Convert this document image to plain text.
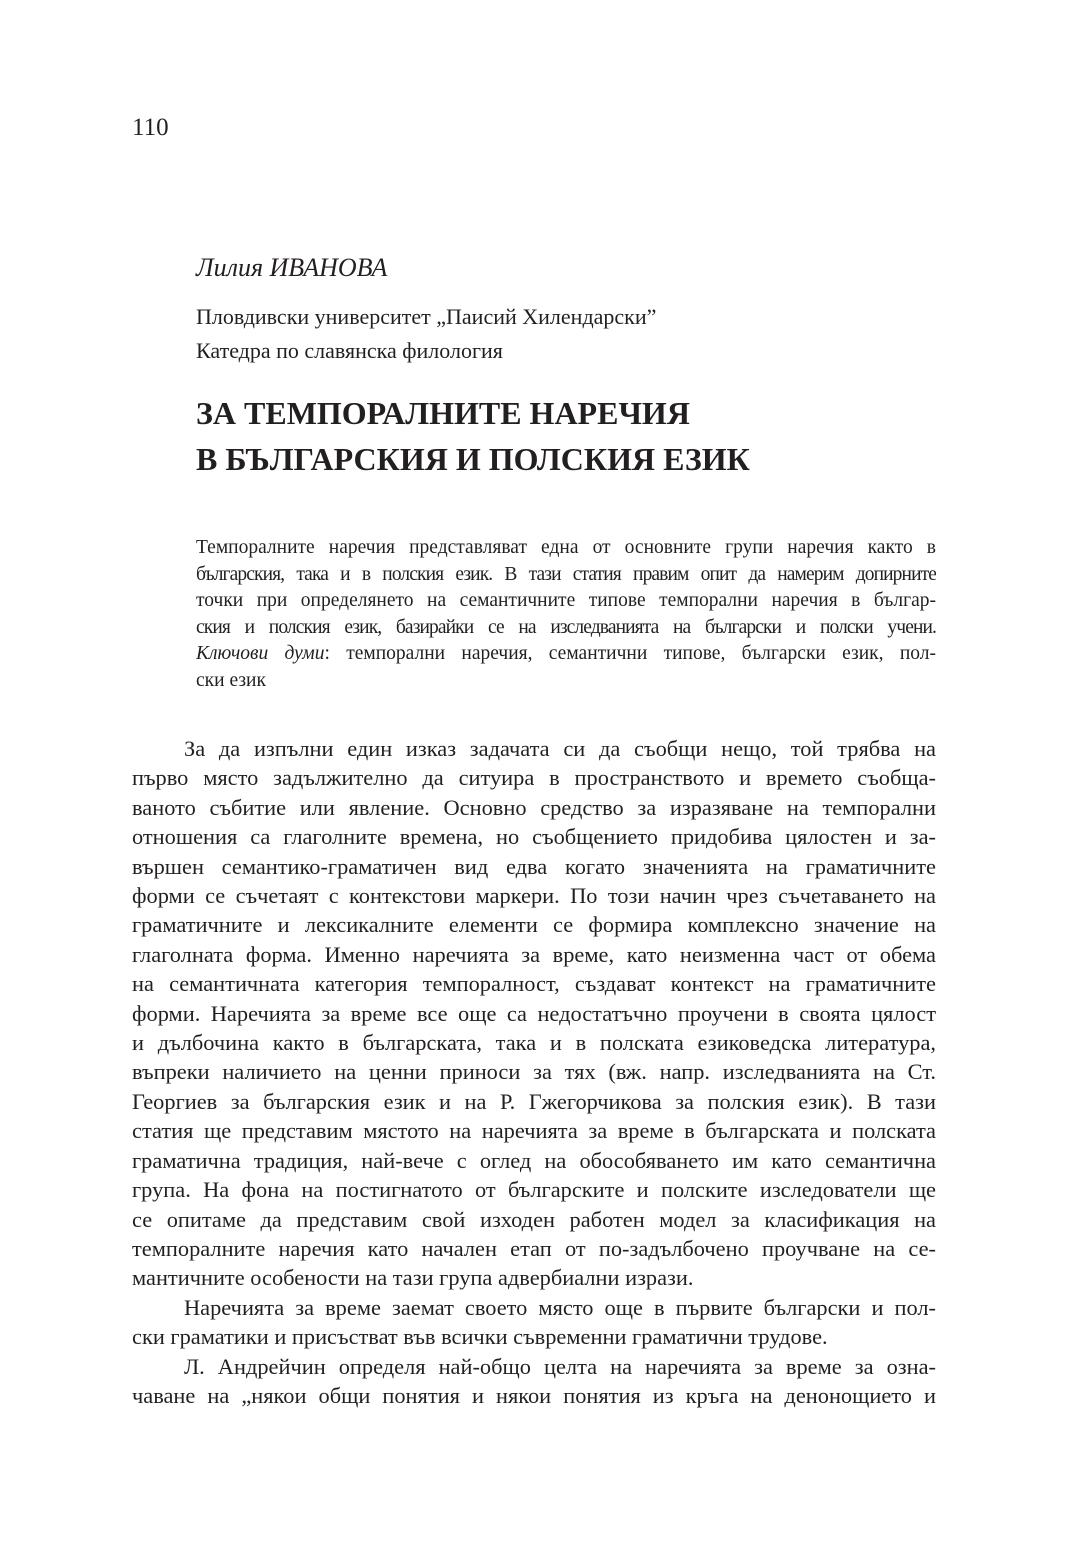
110
Лилия ИВАНОВА
Пловдивски университет „Паисий Хилендарски”
Катедра по славянска филология
ЗА ТЕМПОРАЛНИТЕ НАРЕЧИЯ
В БЪЛГАРСКИЯ И ПОЛСКИЯ ЕЗИК
Темпоралните наречия представляват една от основните групи наречия както в
българския, така и в полския език. В тази статия правим опит да намерим допирните
точки при определянето на семантичните типове темпорални наречия в българ-
ския и полския език, базирайки се на изследванията на български и полски учени.
Ключови думи: темпорални наречия, семантични типове, български език, пол-
ски език
За да изпълни един изказ задачата си да съобщи нещо, той трябва на
първо място задължително да ситуира в пространството и времето съобща-
ваното събитие или явление. Основно средство за изразяване на темпорални
отношения са глаголните времена, но съобщението придобива цялостен и за-
вършен семантико-граматичен вид едва когато значенията на граматичните
форми се съчетаят с контекстови маркери. По този начин чрез съчетаването на
граматичните и лексикалните елементи се формира комплексно значение на
глаголната форма. Именно наречията за време, като неизменна част от обема
на семантичната категория темпоралност, създават контекст на граматичните
форми. Наречията за време все още са недостатъчно проучени в своята цялост
и дълбочина както в българската, така и в полската езиковедска литература,
въпреки наличието на ценни приноси за тях (вж. напр. изследванията на Ст.
Георгиев за българския език и на Р. Гжегорчикова за полския език). В тази
статия ще представим мястото на наречията за време в българската и полската
граматична традиция, най-вече с оглед на обособяването им като семантична
група. На фона на постигнатото от българските и полските изследователи ще
се опитаме да представим свой изходен работен модел за класификация на
темпоралните наречия като начален етап от по-задълбочено проучване на се-
мантичните особености на тази група адвербиални изрази.
Наречията за време заемат своето място още в първите български и пол-
ски граматики и присъстват във всички съвременни граматични трудове.
Л. Андрейчин определя най-общо целта на наречията за време за озна-
чаване на „някои общи понятия и някои понятия из кръга на денонощието и
